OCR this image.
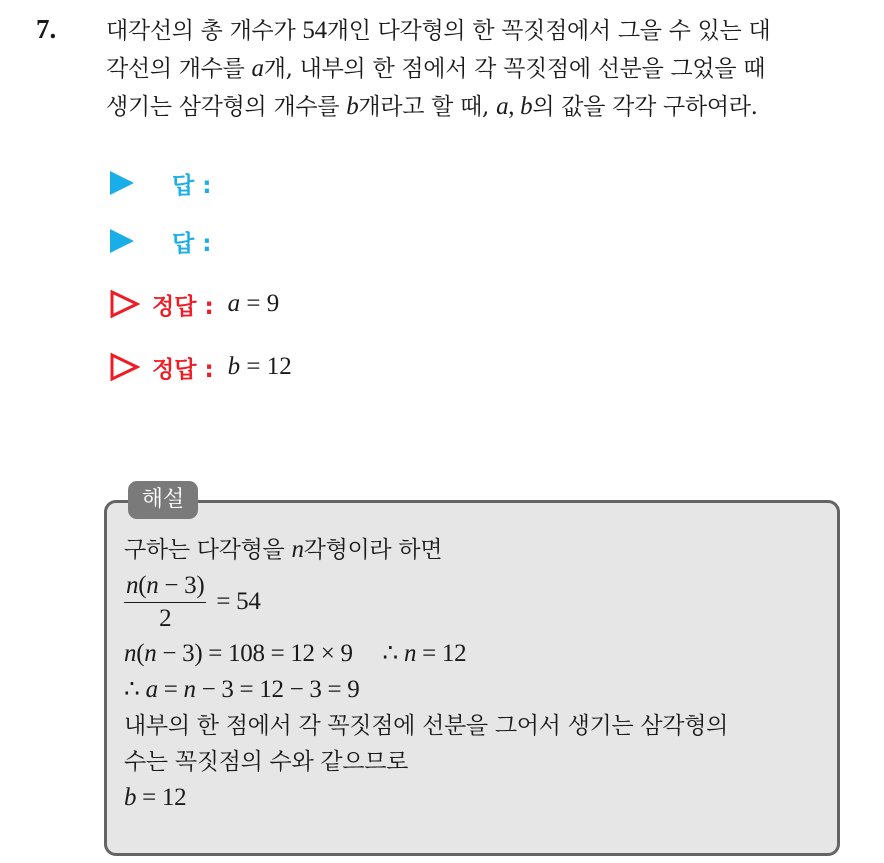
7. 대각선의 총 개수가 54개인 다각형의 한 꼭짓점에서 그을 수 있는 대
각선의 개수를 a개, 내부의 한 점에서 각 꼭짓점에 선분을 그었을 때
생기는 삼각형의 개수를 b개라고 할 때, a, b의 값을 각각 구하여라.
답 :
답 :
정답 : a = 9
정답 : b = 12
해설
구하는 다각형을 n각형이라 하면
$\frac{n(n - 3)}{2} = 54$
n(n − 3) = 108 = 12 × 9     ∴ n = 12
∴ a = n − 3 = 12 − 3 = 9
내부의 한 점에서 각 꼭짓점에 선분을 그어서 생기는 삼각형의
수는 꼭짓점의 수와 같으므로
b = 12
